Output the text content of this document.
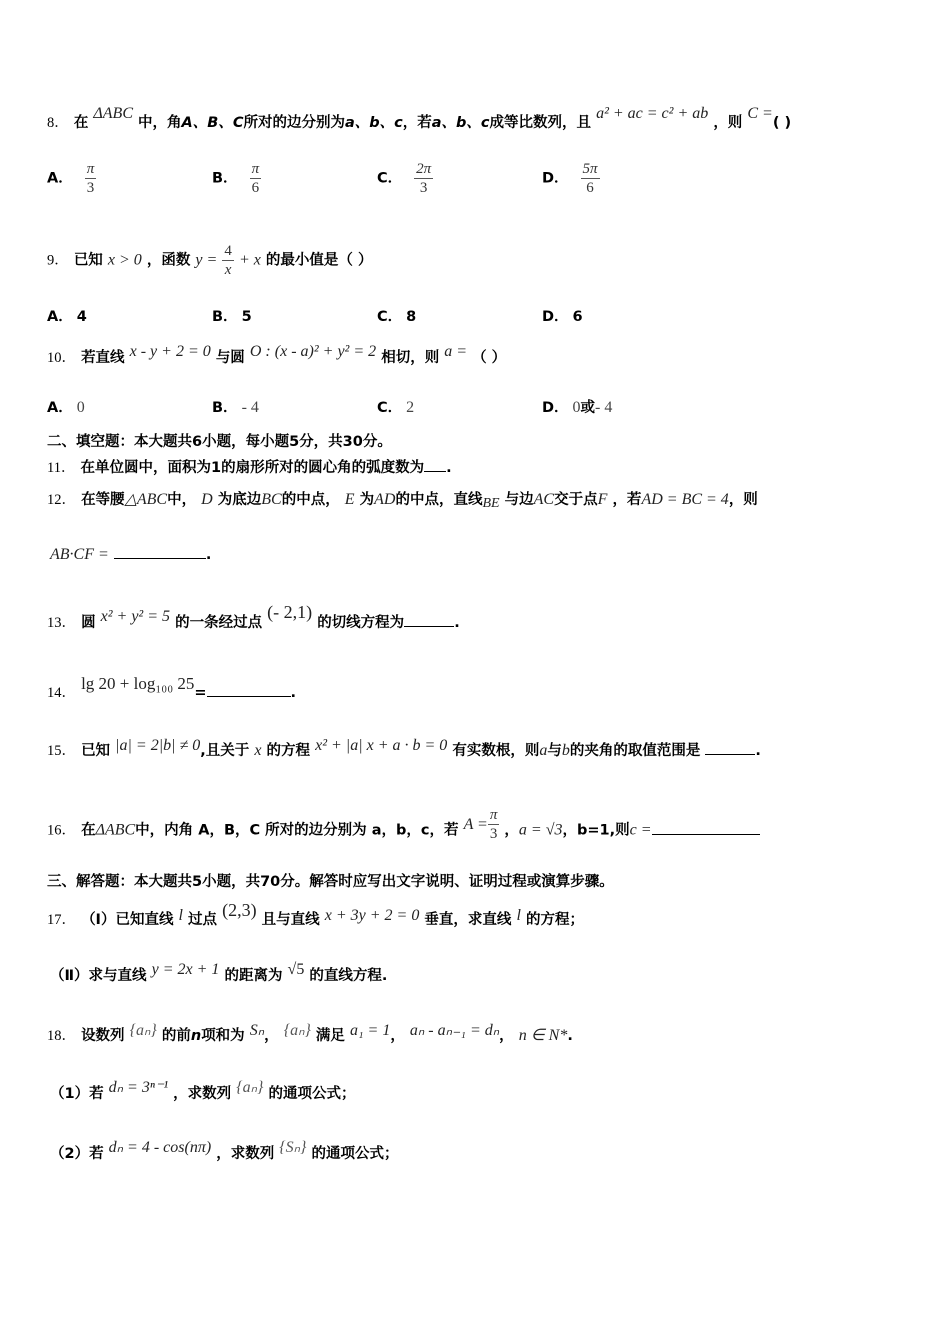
8． 在 ΔABC 中，角A、B、C所对的边分别为a、b、c，若a、b、c成等比数列，且 a² + ac = c² + ab ，则 C =( )
A． $\frac{\pi}{3}$	B． $\frac{\pi}{6}$	C． $\frac{2\pi}{3}$	D． $\frac{5\pi}{6}$
9． 已知 x > 0 ，函数 $y = \frac{4}{x} + x$ 的最小值是（ ）
A． 4	B． 5	C． 8	D． 6
10． 若直线 x - y + 2 = 0 与圆 O : (x - a)² + y² = 2 相切，则 a = （ ）
A． 0	B． - 4	C． 2	D． 0或- 4
二、填空题：本大题共6小题，每小题5分，共30分。
11． 在单位圆中，面积为1的扇形所对的圆心角的弧度数为 .
12． 在等腰△ABC中， D 为底边BC的中点， E 为AD的中点，直线BE 与边AC交于点F ，若AD = BC = 4，则
AB·CF =	.
13． 圆 x² + y² = 5 的一条经过点 (- 2,1) 的切线方程为	.
14． lg 20 + log₁₀₀ 25=	.
15． 已知 |a| = 2|b| ≠ 0,且关于 x 的方程 x² + |a| x + a · b = 0 有实数根，则a与b的夹角的取值范围是	.
16． 在ΔABC中，内角 A，B，C 所对的边分别为 a，b，c，若 $A = \frac{\pi}{3}$ ，a = √3，b=1,则c =
三、解答题：本大题共5小题，共70分。解答时应写出文字说明、证明过程或演算步骤。
17． （Ⅰ）已知直线 l 过点 (2,3) 且与直线 x + 3y + 2 = 0 垂直，求直线 l 的方程；
（Ⅱ）求与直线 y = 2x + 1 的距离为 √5 的直线方程.
18． 设数列 {aₙ} 的前n项和为 Sₙ， {aₙ} 满足 a₁ = 1， aₙ - aₙ₋₁ = dₙ， n ∈ N*.
（1）若 dₙ = 3ⁿ⁻¹ ，求数列 {aₙ} 的通项公式；
（2）若 dₙ = 4 - cos(nπ) ，求数列 {Sₙ} 的通项公式；
